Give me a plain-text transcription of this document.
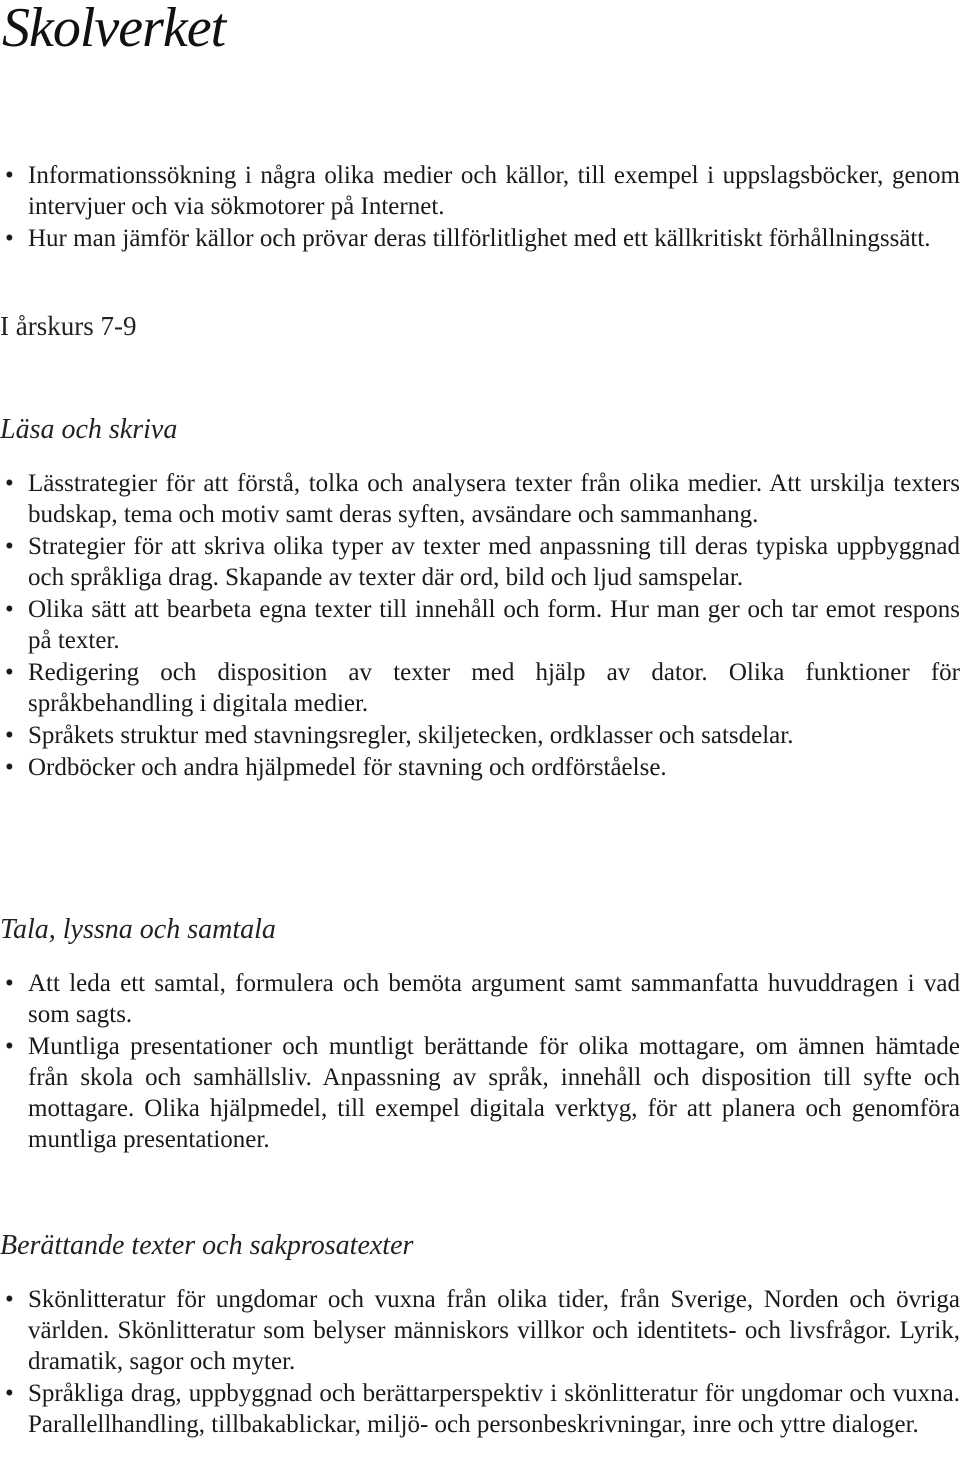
Skolverket
• Informationssökning i några olika medier och källor, till exempel i uppslagsböcker, genom intervjuer och via sökmotorer på Internet.
• Hur man jämför källor och prövar deras tillförlitlighet med ett källkritiskt förhållningssätt.
I årskurs 7-9
Läsa och skriva
• Lässtrategier för att förstå, tolka och analysera texter från olika medier. Att urskilja texters budskap, tema och motiv samt deras syften, avsändare och sammanhang.
• Strategier för att skriva olika typer av texter med anpassning till deras typiska uppbyggnad och språkliga drag. Skapande av texter där ord, bild och ljud samspelar.
• Olika sätt att bearbeta egna texter till innehåll och form. Hur man ger och tar emot respons på texter.
• Redigering och disposition av texter med hjälp av dator. Olika funktioner för språkbehandling i digitala medier.
• Språkets struktur med stavningsregler, skiljetecken, ordklasser och satsdelar.
• Ordböcker och andra hjälpmedel för stavning och ordförståelse.
Tala, lyssna och samtala
• Att leda ett samtal, formulera och bemöta argument samt sammanfatta huvuddragen i vad som sagts.
• Muntliga presentationer och muntligt berättande för olika mottagare, om ämnen hämtade från skola och samhällsliv. Anpassning av språk, innehåll och disposition till syfte och mottagare. Olika hjälpmedel, till exempel digitala verktyg, för att planera och genomföra muntliga presentationer.
Berättande texter och sakprosatexter
• Skönlitteratur för ungdomar och vuxna från olika tider, från Sverige, Norden och övriga världen. Skönlitteratur som belyser människors villkor och identitets- och livsfrågor. Lyrik, dramatik, sagor och myter.
• Språkliga drag, uppbyggnad och berättarperspektiv i skönlitteratur för ungdomar och vuxna. Parallellhandling, tillbakablickar, miljö- och personbeskrivningar, inre och yttre dialoger.
